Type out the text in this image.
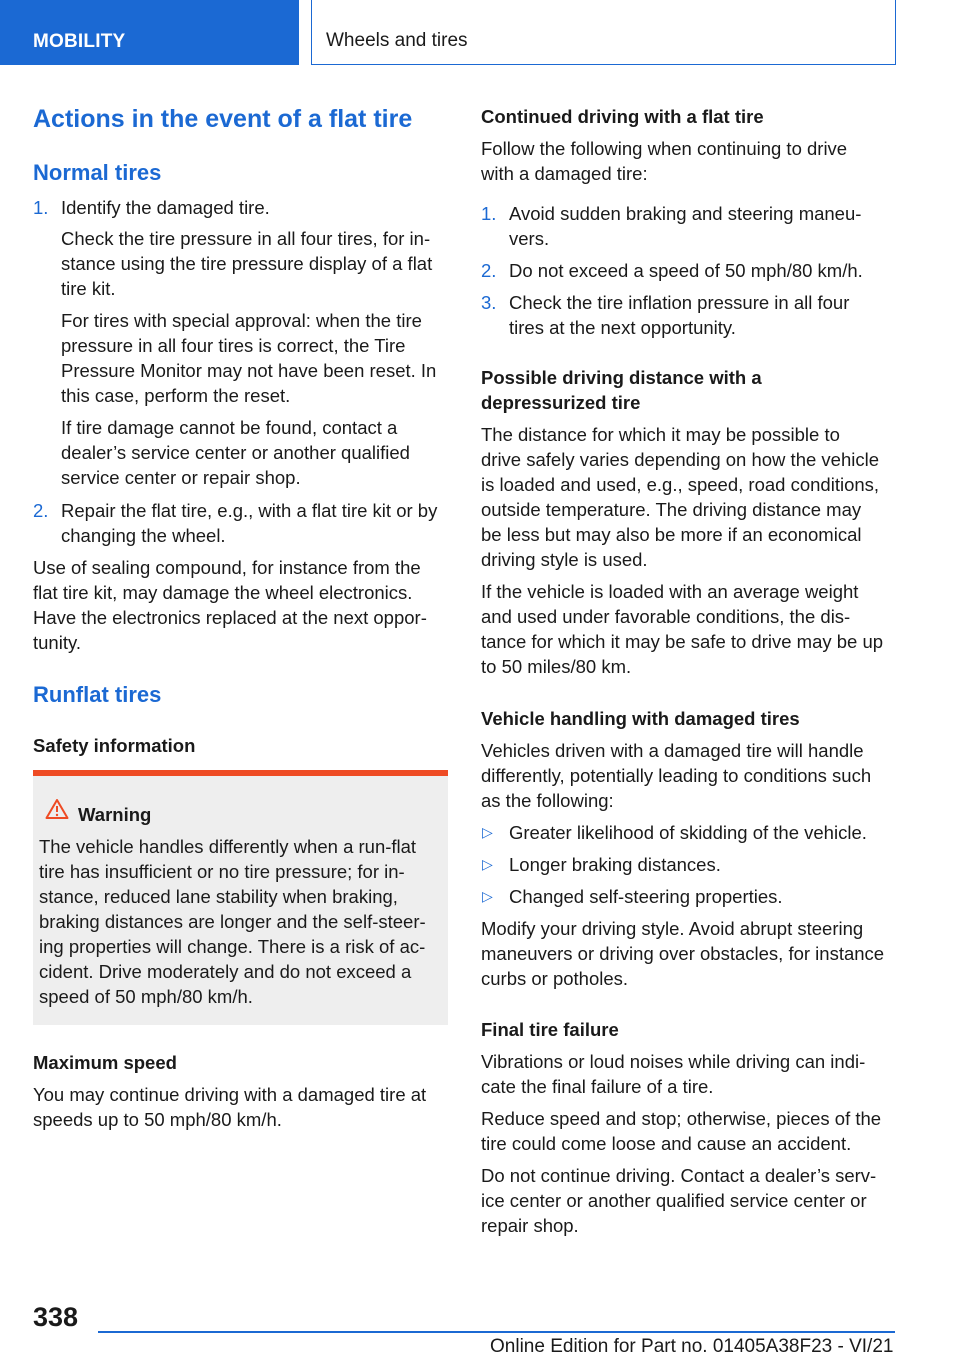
MOBILITY	Wheels and tires
Actions in the event of a flat tire
Normal tires
1. Identify the damaged tire.
Check the tire pressure in all four tires, for in-
stance using the tire pressure display of a flat
tire kit.
For tires with special approval: when the tire
pressure in all four tires is correct, the Tire
Pressure Monitor may not have been reset. In
this case, perform the reset.
If tire damage cannot be found, contact a
dealer’s service center or another qualified
service center or repair shop.
2. Repair the flat tire, e.g., with a flat tire kit or by
changing the wheel.
Use of sealing compound, for instance from the
flat tire kit, may damage the wheel electronics.
Have the electronics replaced at the next oppor-
tunity.
Runflat tires
Safety information
Warning
The vehicle handles differently when a run-flat
tire has insufficient or no tire pressure; for in-
stance, reduced lane stability when braking,
braking distances are longer and the self-steer-
ing properties will change. There is a risk of ac-
cident. Drive moderately and do not exceed a
speed of 50 mph/80 km/h.
Maximum speed
You may continue driving with a damaged tire at
speeds up to 50 mph/80 km/h.
Continued driving with a flat tire
Follow the following when continuing to drive
with a damaged tire:
1. Avoid sudden braking and steering maneu-
vers.
2. Do not exceed a speed of 50 mph/80 km/h.
3. Check the tire inflation pressure in all four
tires at the next opportunity.
Possible driving distance with a
depressurized tire
The distance for which it may be possible to
drive safely varies depending on how the vehicle
is loaded and used, e.g., speed, road conditions,
outside temperature. The driving distance may
be less but may also be more if an economical
driving style is used.
If the vehicle is loaded with an average weight
and used under favorable conditions, the dis-
tance for which it may be safe to drive may be up
to 50 miles/80 km.
Vehicle handling with damaged tires
Vehicles driven with a damaged tire will handle
differently, potentially leading to conditions such
as the following:
▷ Greater likelihood of skidding of the vehicle.
▷ Longer braking distances.
▷ Changed self-steering properties.
Modify your driving style. Avoid abrupt steering
maneuvers or driving over obstacles, for instance
curbs or potholes.
Final tire failure
Vibrations or loud noises while driving can indi-
cate the final failure of a tire.
Reduce speed and stop; otherwise, pieces of the
tire could come loose and cause an accident.
Do not continue driving. Contact a dealer’s serv-
ice center or another qualified service center or
repair shop.
338
Online Edition for Part no. 01405A38F23 - VI/21
